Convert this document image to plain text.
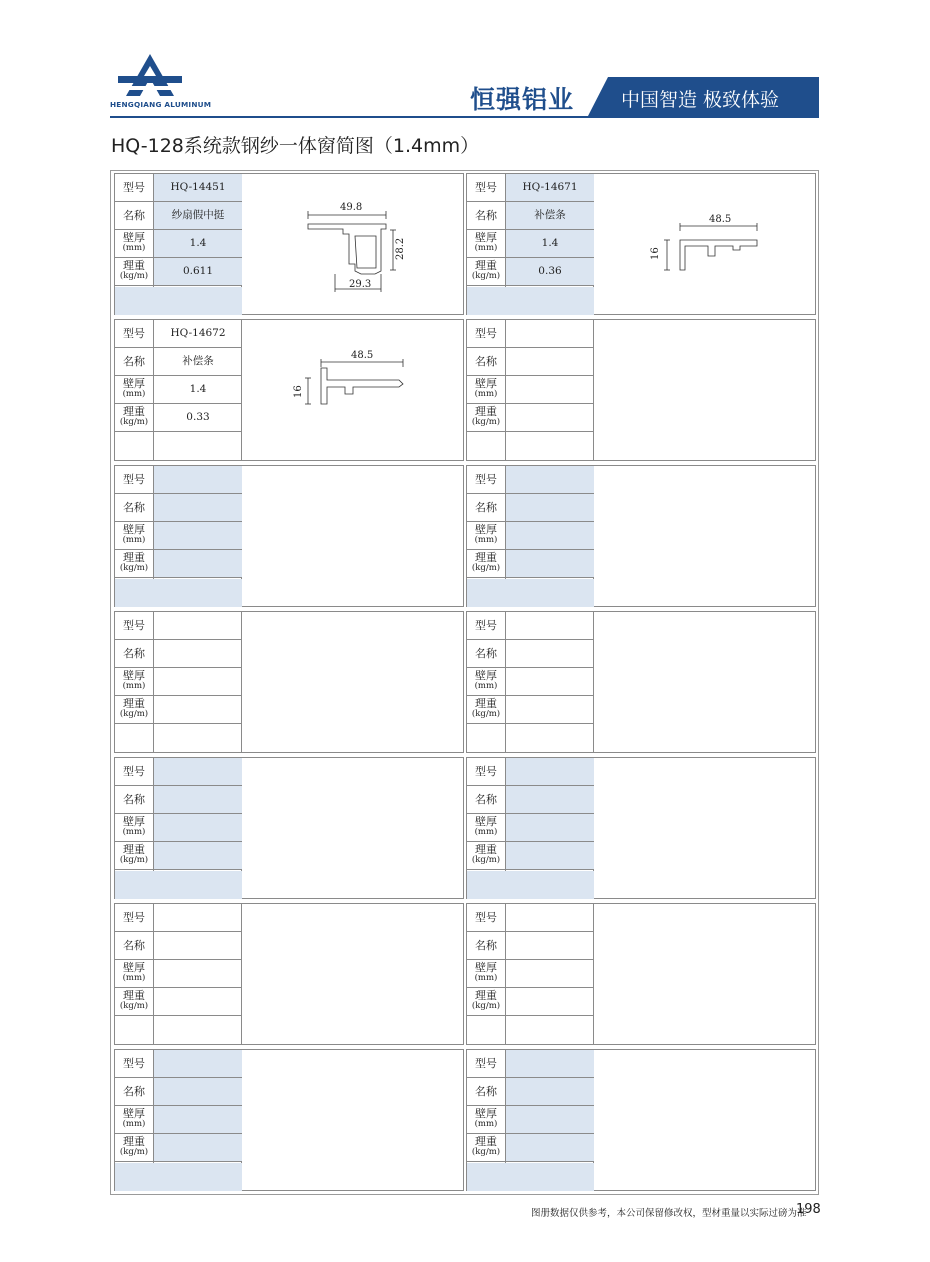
HENGQIANG ALUMINUM	恒强铝业 中国智造 极致体验
HQ-128系统款钢纱一体窗简图（1.4mm）
型号
名称
壁厚
(mm)
理重
(kg/m)
HQ-14451
纱扇假中挺
1.4
0.611
49.8
28.2
29.3
型号
名称
壁厚
(mm)
理重
(kg/m)
HQ-14671
补偿条
1.4
0.36
48.5
16
型号
名称
壁厚
(mm)
理重
(kg/m)
HQ-14672
补偿条
1.4
0.33
48.5
16
型号
名称
壁厚
(mm)
理重
(kg/m)
型号
名称
壁厚
(mm)
理重
(kg/m)
型号
名称
壁厚
(mm)
理重
(kg/m)
型号
名称
壁厚
(mm)
理重
(kg/m)
型号
名称
壁厚
(mm)
理重
(kg/m)
型号
名称
壁厚
(mm)
理重
(kg/m)
型号
名称
壁厚
(mm)
理重
(kg/m)
型号
名称
壁厚
(mm)
理重
(kg/m)
型号
名称
壁厚
(mm)
理重
(kg/m)
型号
名称
壁厚
(mm)
理重
(kg/m)
型号
名称
壁厚
(mm)
理重
(kg/m)
图册数据仅供参考，本公司保留修改权，型材重量以实际过磅为准
198
